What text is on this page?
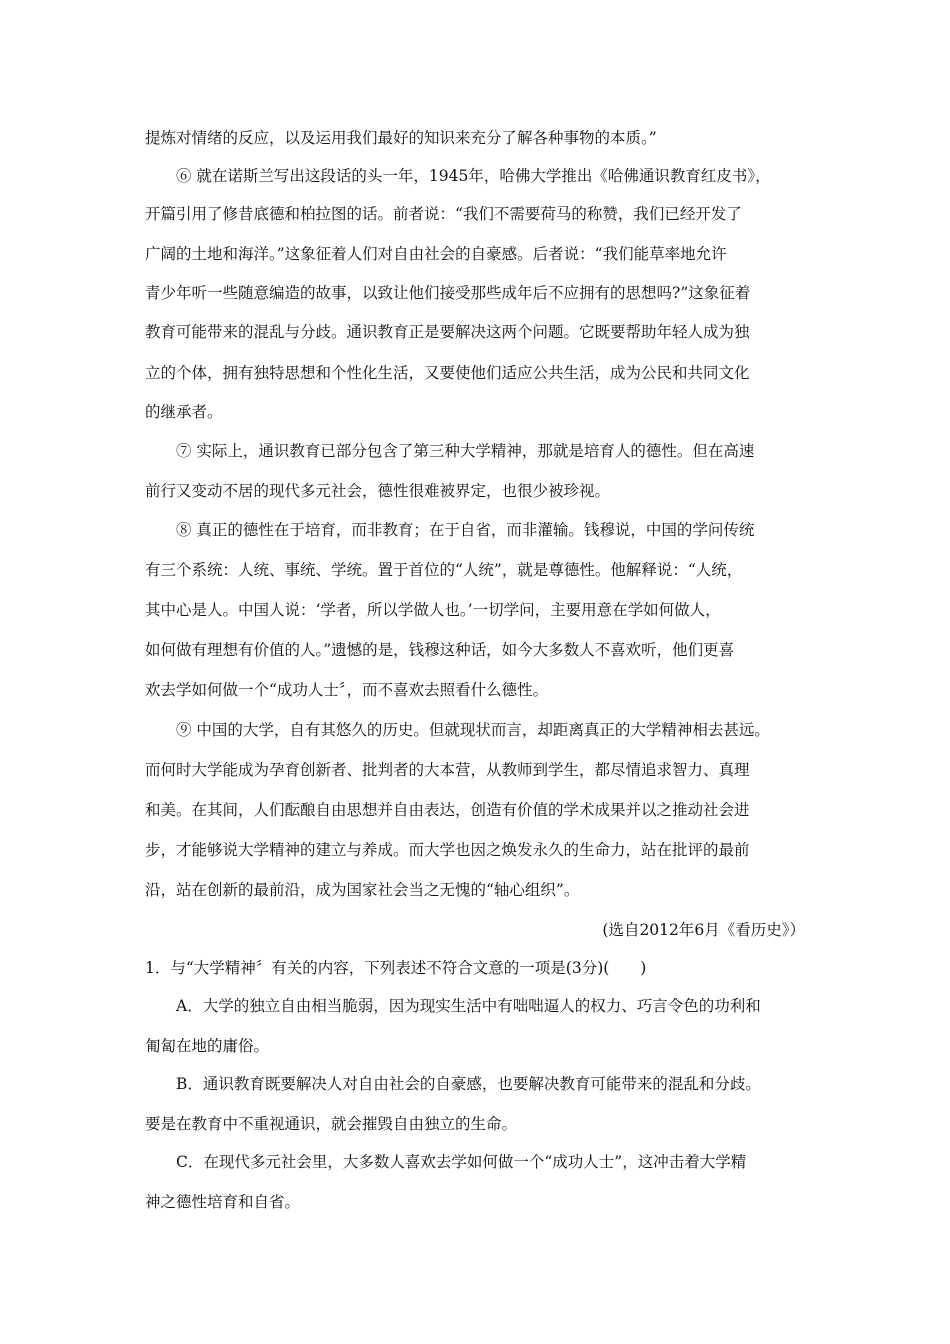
提炼对情绪的反应，以及运用我们最好的知识来充分了解各种事物的本质。”

　　⑥ 就在诺斯兰写出这段话的头一年，1945年，哈佛大学推出《哈佛通识教育红皮书》，

开篇引用了修昔底德和柏拉图的话。前者说：“我们不需要荷马的称赞，我们已经开发了

广阔的土地和海洋。”这象征着人们对自由社会的自豪感。后者说：“我们能草率地允许

青少年听一些随意编造的故事，以致让他们接受那些成年后不应拥有的思想吗?”这象征着

教育可能带来的混乱与分歧。通识教育正是要解决这两个问题。它既要帮助年轻人成为独

立的个体，拥有独特思想和个性化生活，又要使他们适应公共生活，成为公民和共同文化

的继承者。

　　⑦ 实际上，通识教育已部分包含了第三种大学精神，那就是培育人的德性。但在高速

前行又变动不居的现代多元社会，德性很难被界定，也很少被珍视。

　　⑧ 真正的德性在于培育，而非教育；在于自省，而非灌输。钱穆说，中国的学问传统

有三个系统：人统、事统、学统。置于首位的“人统”，就是尊德性。他解释说：“人统，

其中心是人。中国人说：‘学者，所以学做人也。’一切学问，主要用意在学如何做人，

如何做有理想有价值的人。”遗憾的是，钱穆这种话，如今大多数人不喜欢听，他们更喜

欢去学如何做一个“成功人士〞，而不喜欢去照看什么德性。

　　⑨ 中国的大学，自有其悠久的历史。但就现状而言，却距离真正的大学精神相去甚远。

而何时大学能成为孕育创新者、批判者的大本营，从教师到学生，都尽情追求智力、真理

和美。在其间，人们酝酿自由思想并自由表达，创造有价值的学术成果并以之推动社会进

步，才能够说大学精神的建立与养成。而大学也因之焕发永久的生命力，站在批评的最前

沿，站在创新的最前沿，成为国家社会当之无愧的“轴心组织”。

(选自2012年6月《看历史》）

1．与“大学精神〞有关的内容，下列表述不符合文意的一项是(3分)(　　)

　　A．大学的独立自由相当脆弱，因为现实生活中有咄咄逼人的权力、巧言令色的功利和

匍匐在地的庸俗。

　　B．通识教育既要解决人对自由社会的自豪感，也要解决教育可能带来的混乱和分歧。

要是在教育中不重视通识，就会摧毁自由独立的生命。

　　C．在现代多元社会里，大多数人喜欢去学如何做一个“成功人士”，这冲击着大学精

神之德性培育和自省。
